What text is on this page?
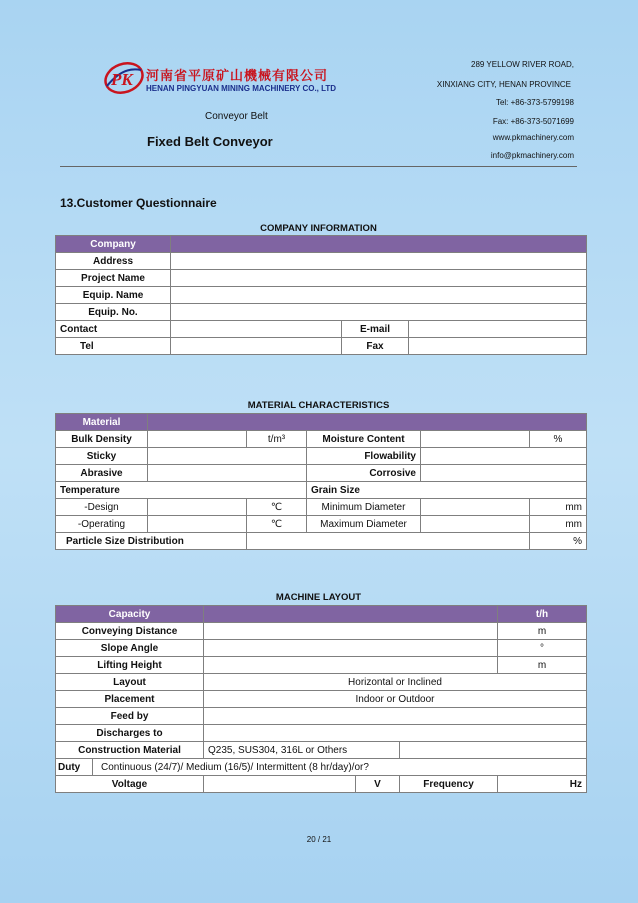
PK 河南省平原矿山機械有限公司
HENAN PINGYUAN MINING MACHINERY CO., LTD
Conveyor Belt
Fixed Belt Conveyor
289 YELLOW RIVER ROAD,
XINXIANG CITY, HENAN PROVINCE
Tel: +86-373-5799198
Fax: +86-373-5071699
www.pkmachinery.com
info@pkmachinery.com
13.Customer Questionnaire
COMPANY INFORMATION
Company			
Address			
Project Name			
Equip. Name			
Equip. No.			
Contact		E-mail	
Tel		Fax	
MATERIAL CHARACTERISTICS
Material					
Bulk Density		t/m³	Moisture Content		%
Sticky			Flowability		
Abrasive			Corrosive		
Temperature			Grain Size		
-Design		℃	Minimum Diameter		mm
-Operating		℃	Maximum Diameter		mm
Particle Size Distribution					%
MACHINE LAYOUT
Capacity					t/h
Conveying Distance					m
Slope Angle					°
Lifting Height					m
Layout		Horizontal or Inclined			
Placement		Indoor or Outdoor			
Feed by					
Discharges to					
Construction Material		Q235, SUS304, 316L or Others			
Duty	Continuous (24/7)/ Medium (16/5)/ Intermittent (8 hr/day)/or?				
Voltage			V	Frequency	Hz
20 / 21
